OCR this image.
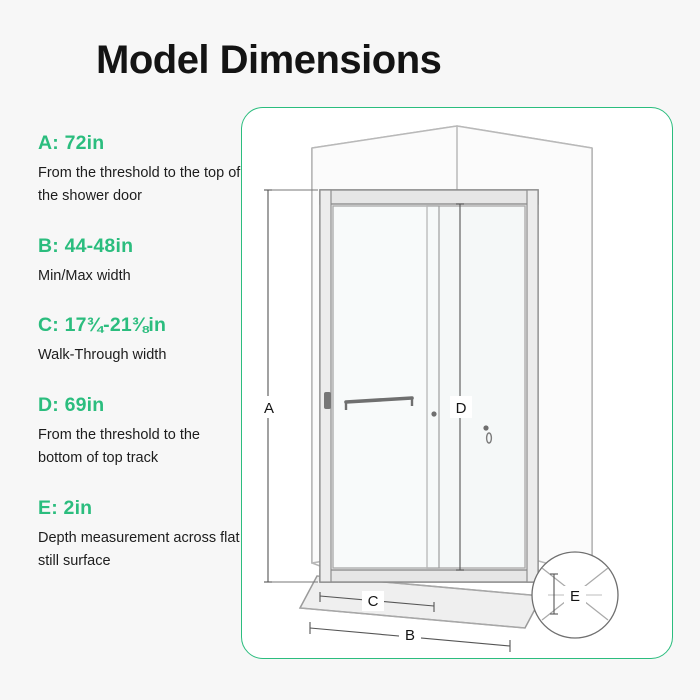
Model Dimensions
A: 72in
From the threshold to the top of the shower door
B: 44-48in
Min/Max width
C: 17¾-21⅜in
Walk-Through width
D: 69in
From the threshold to the bottom of top track
E: 2in
Depth measurement across flat still surface
A	D
C
B
E
